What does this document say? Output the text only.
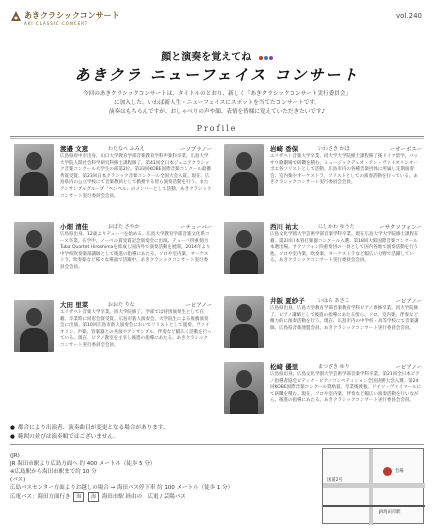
あきクラシックコンサート
AKI CLASSIC CONCERT
vol.240
顔と演奏を覚えてね
あきクラ ニューフェイス コンサート
今回のあきクラシックコンサートは、タイトルのとおり、新しく「あきクラシックコンサート実行委員会」
に加入した、いわば新人生・ニューフェイスにスポットを当てたコンサートです。
演奏はもちろんですが、おしゃべりの声や顔、表情を皆様に覚えていただきたいです♪
Profile
渡邉 文恵	わたなべ ふみえ	ーソプラノー
広島県府中市出身。山口大学教育学部音楽教育学科声楽科卒業。広島大学大学院人間社会科学研究科修士課程修了。第41回全日本ジュニアクラシック音楽コンクール大学生の部第2位。第33回KOBE国際音楽コンクール最優秀賞受賞、第23回日本クラシック音楽コンクール全国大会入賞。現在、広島県内の公立学校にて音楽教員として勤務する傍ら演奏活動を行う。またアンサンブルグループ「ペンペル」のメンバーとして活動。あきクラシックコンサート実行委員会会員。
岩崎 香保	いわさき かほ	ーオーボエー
エリザベト音楽大学卒業、同大学大学院修士課程修了後ドイツ留学。パッサウ歌劇場で研鑽を積む。ミュージックデュオ・アン・ヴァイオリンオーボエ各ソリストとして活動。広島市内の各種音楽団体に所属し定期演奏会、室内楽やオーケストラ、ソリストとしての演奏活動を行っている。あきクラシックコンサート実行委員会会員。
小畑 清佳	おばた さやか	ーテューバー
広島県出身。12歳よりテューバを始める。広島大学教育学部音楽文化系コース卒業。在学中、ノーベル賞受賞記念演奏会に出演。テューバ四重奏団Tuba Quartet Hiroshimaを結成し国内外で演奏活動を展開。2014年より中学校吹奏楽部講師として後進の指導にあたる。ソロや室内楽、オーケストラ、吹奏楽など様々な場面で活躍中。あきクラシックコンサート実行委員会会員。
西川 祐太	にしかわ ゆうた	ーサクソフォンー
広島文化学園大学芸術学部音楽学科卒業。現在広島大学大学院修士課程在籍。第2回日本管打楽器コンクール入選、第18回大阪国際音楽コンクール本選出場。サクソフォン四重奏団の一員として国内各地で演奏活動を行う他、ソロや室内楽、吹奏楽、オーケストラなど幅広い分野で活躍している。あきクラシックコンサート実行委員会会員。
大田 里菜	おおた りな	ーピアノー
エリザベト音楽大学卒業。同大学院修了。学部では特別演奏生として在籍。卒業時に同窓会賞受賞。広島市新人演奏会、大学院生による推薦演奏会に出演。第10回広島市新人演奏会においてソリストとして演奏。ヴァイオリン、声楽、管楽器との共演やアンサンブル、伴奏など幅広く活動を行っている。現在、ピアノ教室を主宰し後進の指導にあたる。あきクラシックコンサート実行委員会会員。
井阪 夏紗子	いはら あさこ	ーピアノー
広島県出身。広島大学教育学部音楽教育学科ピアノ専修卒業。同大学院修了。ピアノ講師として後進の指導にあたる傍ら、ソロ、室内楽、伴奏など精力的に演奏活動を行う。現在、広島市内の中学校・高等学校にて音楽講師。広島県音楽連盟会員。あきクラシックコンサート実行委員会会員。
松﨑 優里	まつざき ゆり	ーピアノー
広島県出身。広島文化学園大学芸術学部音楽学科卒業。第21回全日本ピアノ指導者協会ピティナ・ピアノコンペティション全国決勝大会入選。第24回KOBE国際音楽コンクール奨励賞。卒業後渡独、ドイツ・ヴァイマールにて研鑽を積む。現在、ソロや室内楽、伴奏など幅広い演奏活動を行いながら、後進の指導にあたる。あきクラシックコンサート実行委員会会員。
● 都合により出演者、演奏曲目が変更となる場合があります。
● 範囲の並びは演奏順ではございません。
(JR)
JR 海田市駅より広島方面へ 約 400 メートル（徒歩 5 分）
※広島駅から海田市駅まで約 10 分
(バス)
広島バスセンター方面よりお越しの場合 → 海田バス停下車 約 100 メートル（徒歩 1 分）
広電バス：海田方面行き 海 海 海田市駅 経由の　広電 / 芸陽バス
国道2号
JR海田市駅
会場
